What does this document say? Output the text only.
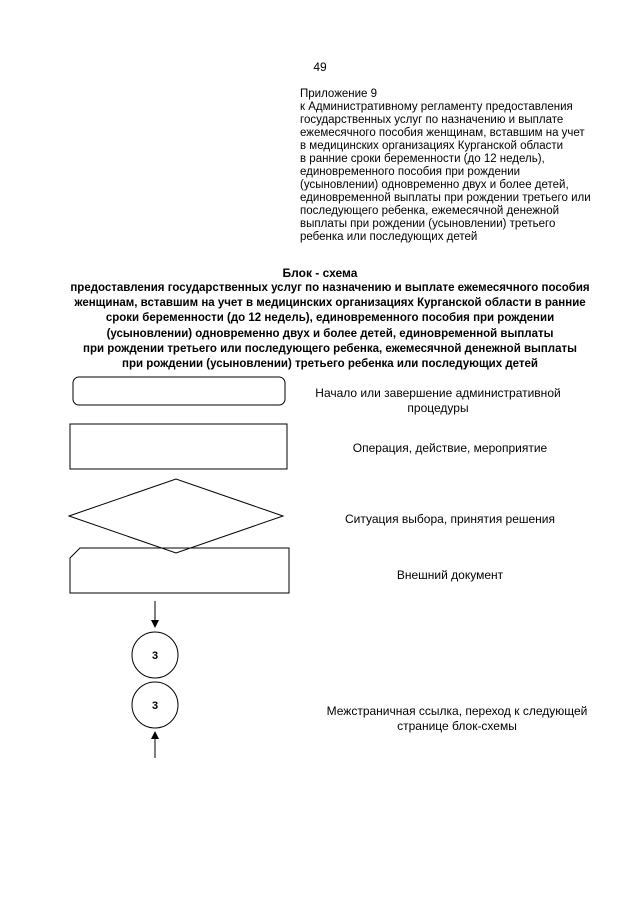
49
Приложение 9
к Административному регламенту предоставления
государственных услуг по назначению и выплате
ежемесячного пособия женщинам, вставшим на учет
в медицинских организациях Курганской области
в ранние сроки беременности (до 12 недель),
единовременного пособия при рождении
(усыновлении) одновременно двух и более детей,
единовременной выплаты при рождении третьего или
последующего ребенка, ежемесячной денежной
выплаты при рождении (усыновлении) третьего
ребенка или последующих детей
Блок - схема
предоставления государственных услуг по назначению и выплате ежемесячного пособия
женщинам, вставшим на учет в медицинских организациях Курганской области в ранние
сроки беременности (до 12 недель), единовременного пособия при рождении
(усыновлении) одновременно двух и более детей, единовременной выплаты
при рождении третьего или последующего ребенка, ежемесячной денежной выплаты
при рождении (усыновлении) третьего ребенка или последующих детей
3
3
Начало или завершение административной процедуры
Операция, действие, мероприятие
Ситуация выбора, принятия решения
Внешний документ
Межстраничная ссылка, переход к следующей странице блок-схемы
